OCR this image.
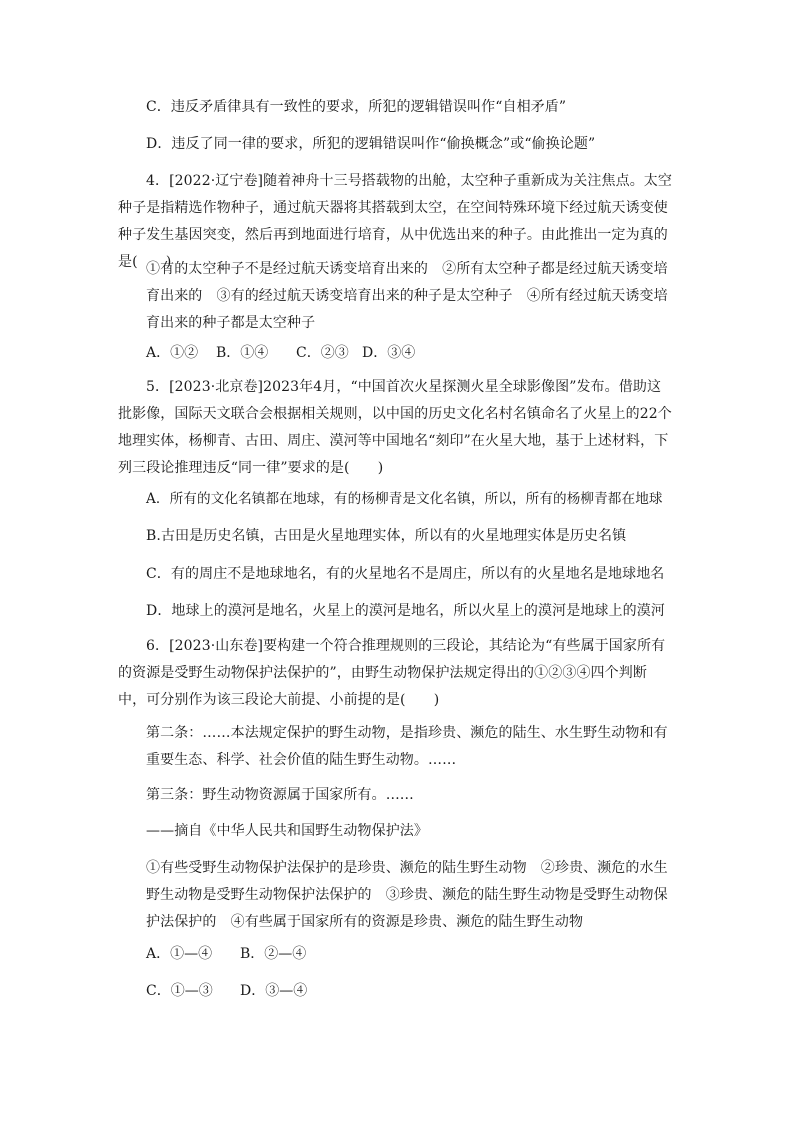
C．违反矛盾律具有一致性的要求，所犯的逻辑错误叫作“自相矛盾”

D．违反了同一律的要求，所犯的逻辑错误叫作“偷换概念”或“偷换论题”

4．[2022·辽宁卷]随着神舟十三号搭载物的出舱，太空种子重新成为关注焦点。太空种子是指精选作物种子，通过航天器将其搭载到太空，在空间特殊环境下经过航天诱变使种子发生基因突变，然后再到地面进行培育，从中优选出来的种子。由此推出一定为真的是(　　)

①有的太空种子不是经过航天诱变培育出来的　②所有太空种子都是经过航天诱变培育出来的　③有的经过航天诱变培育出来的种子是太空种子　④所有经过航天诱变培育出来的种子都是太空种子

A．①② B．①④ C．②③ D．③④

5．[2023·北京卷]2023年4月，“中国首次火星探测火星全球影像图”发布。借助这批影像，国际天文联合会根据相关规则，以中国的历史文化名村名镇命名了火星上的22个地理实体，杨柳青、古田、周庄、漠河等中国地名“刻印”在火星大地，基于上述材料，下列三段论推理违反“同一律”要求的是(　　)

A．所有的文化名镇都在地球，有的杨柳青是文化名镇，所以，所有的杨柳青都在地球

B.古田是历史名镇，古田是火星地理实体，所以有的火星地理实体是历史名镇

C．有的周庄不是地球地名，有的火星地名不是周庄，所以有的火星地名是地球地名

D．地球上的漠河是地名，火星上的漠河是地名，所以火星上的漠河是地球上的漠河

6．[2023·山东卷]要构建一个符合推理规则的三段论，其结论为“有些属于国家所有的资源是受野生动物保护法保护的”，由野生动物保护法规定得出的①②③④四个判断中，可分别作为该三段论大前提、小前提的是(　　)

第二条：……本法规定保护的野生动物，是指珍贵、濒危的陆生、水生野生动物和有重要生态、科学、社会价值的陆生野生动物。……

第三条：野生动物资源属于国家所有。……

——摘自《中华人民共和国野生动物保护法》

①有些受野生动物保护法保护的是珍贵、濒危的陆生野生动物　②珍贵、濒危的水生野生动物是受野生动物保护法保护的　③珍贵、濒危的陆生野生动物是受野生动物保护法保护的　④有些属于国家所有的资源是珍贵、濒危的陆生野生动物

A．①—④ B．②—④
C．①—③ D．③—④
